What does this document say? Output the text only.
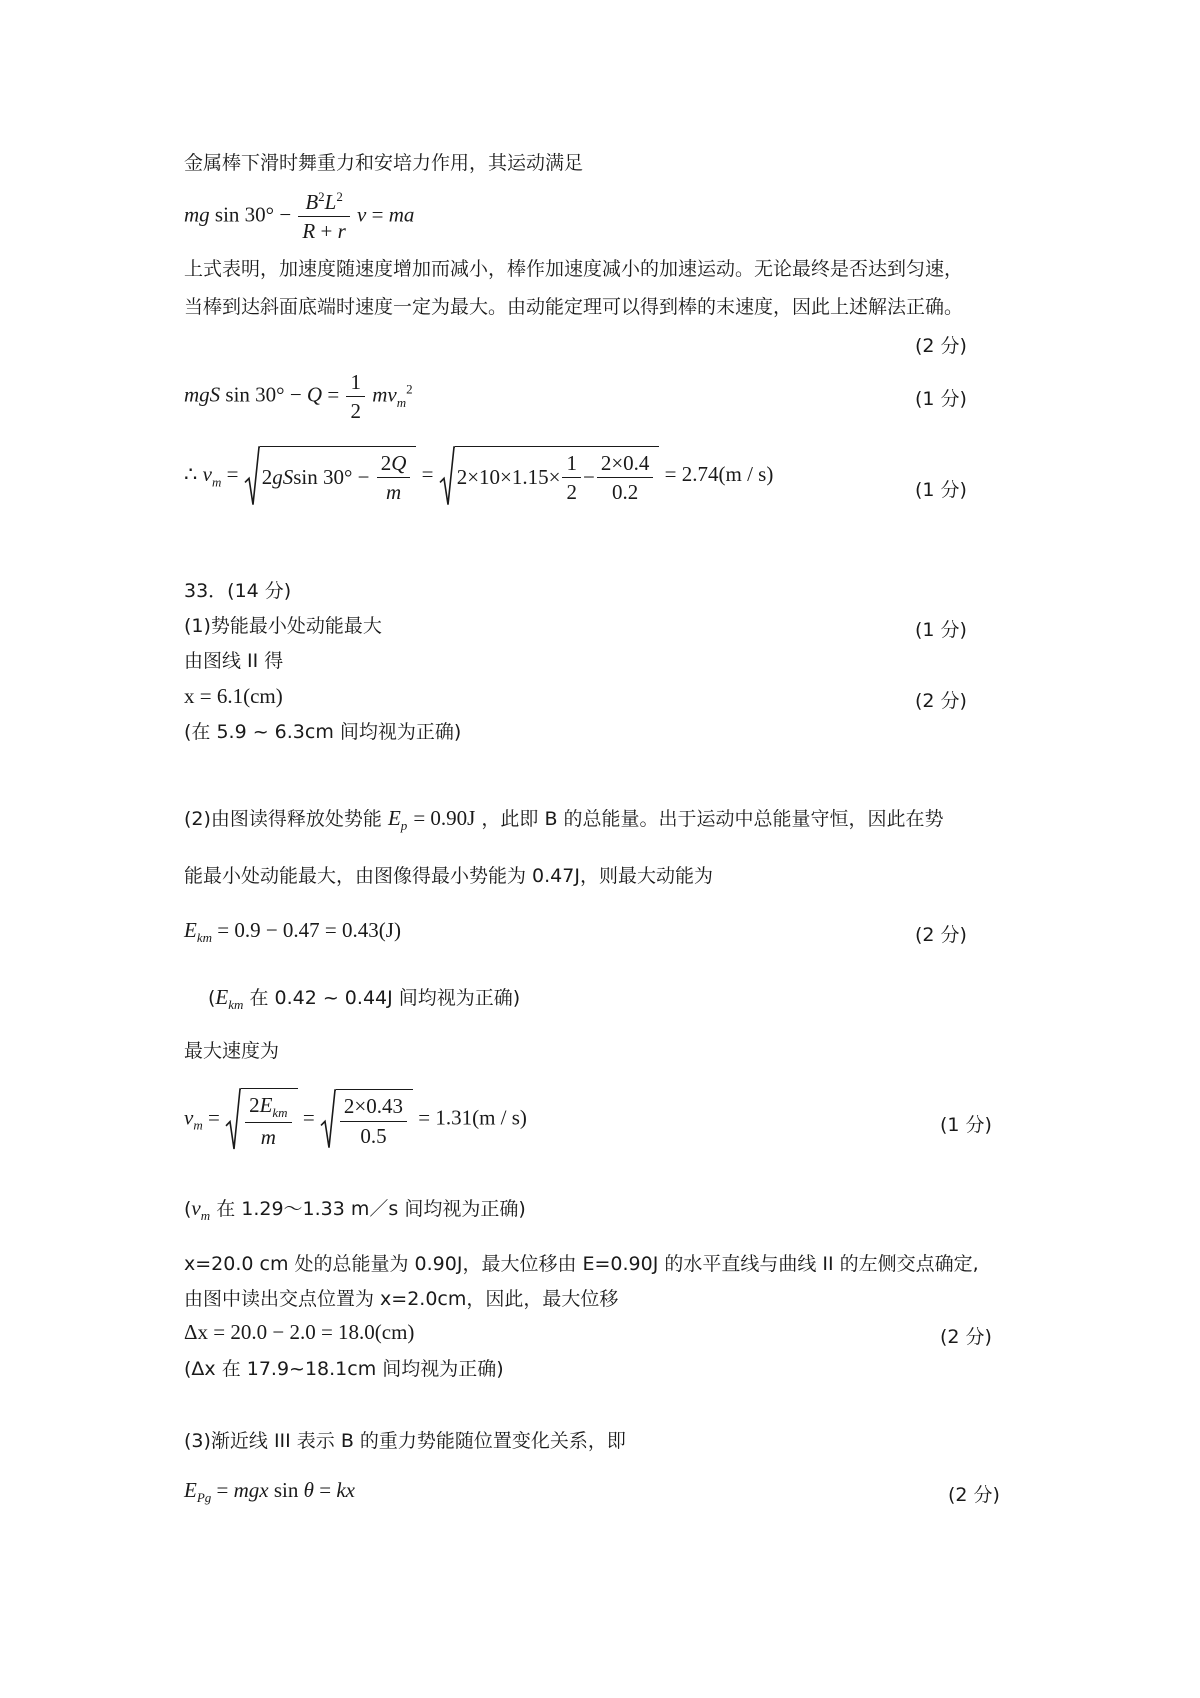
金属棒下滑时舞重力和安培力作用，其运动满足
mg $\sin 30^\circ - \frac{B^2L^2}{R + r}$ v = ma
上式表明，加速度随速度增加而减小，棒作加速度减小的加速运动。无论最终是否达到匀速，
当棒到达斜面底端时速度一定为最大。由动能定理可以得到棒的末速度，因此上述解法正确。
(2 分)
mgS $\sin 30^\circ - Q = \frac{1}{2} mv_m^2$	(1 分)
∴ $v_m = 2$ gS $\sin 30^\circ - \frac{2Q}{m} = 2\times 10\times 1.15\times \frac{1}{2} - \frac{2\times 0.4}{0.2} = 2.74(m / s)$
(1 分)
33．(14 分)
(1)势能最小处动能最大	(1 分)
由图线 II 得
x = 6.1(cm)	(2 分)
(在 5.9 ~ 6.3cm 间均视为正确)
(2)由图读得释放处势能 $E_p = 0.90J$ ，此即 B 的总能量。出于运动中总能量守恒，因此在势
能最小处动能最大，由图像得最小势能为 0.47J，则最大动能为
$E_{km} = 0.9 - 0.47 = 0.43(J)$	(2 分)
($E_{km}$ 在 0.42 ~ 0.44J 间均视为正确)
最大速度为
$v_m = \frac{2E_{km}}{m} = \frac{2\times 0.43}{0.5} = 1.31(m / s)$	(1 分)
($v_m$ 在 1.29～1.33 m／s 间均视为正确)
x=20.0 cm 处的总能量为 0.90J，最大位移由 E=0.90J 的水平直线与曲线 II 的左侧交点确定,
由图中读出交点位置为 x=2.0cm，因此，最大位移
Δx = 20.0 − 2.0 = 18.0(cm)	(2 分)
(Δx 在 17.9~18.1cm 间均视为正确)
(3)渐近线 III 表示 B 的重力势能随位置变化关系，即
$E_{Pg}$ = mgx sin θ = kx	(2 分)
